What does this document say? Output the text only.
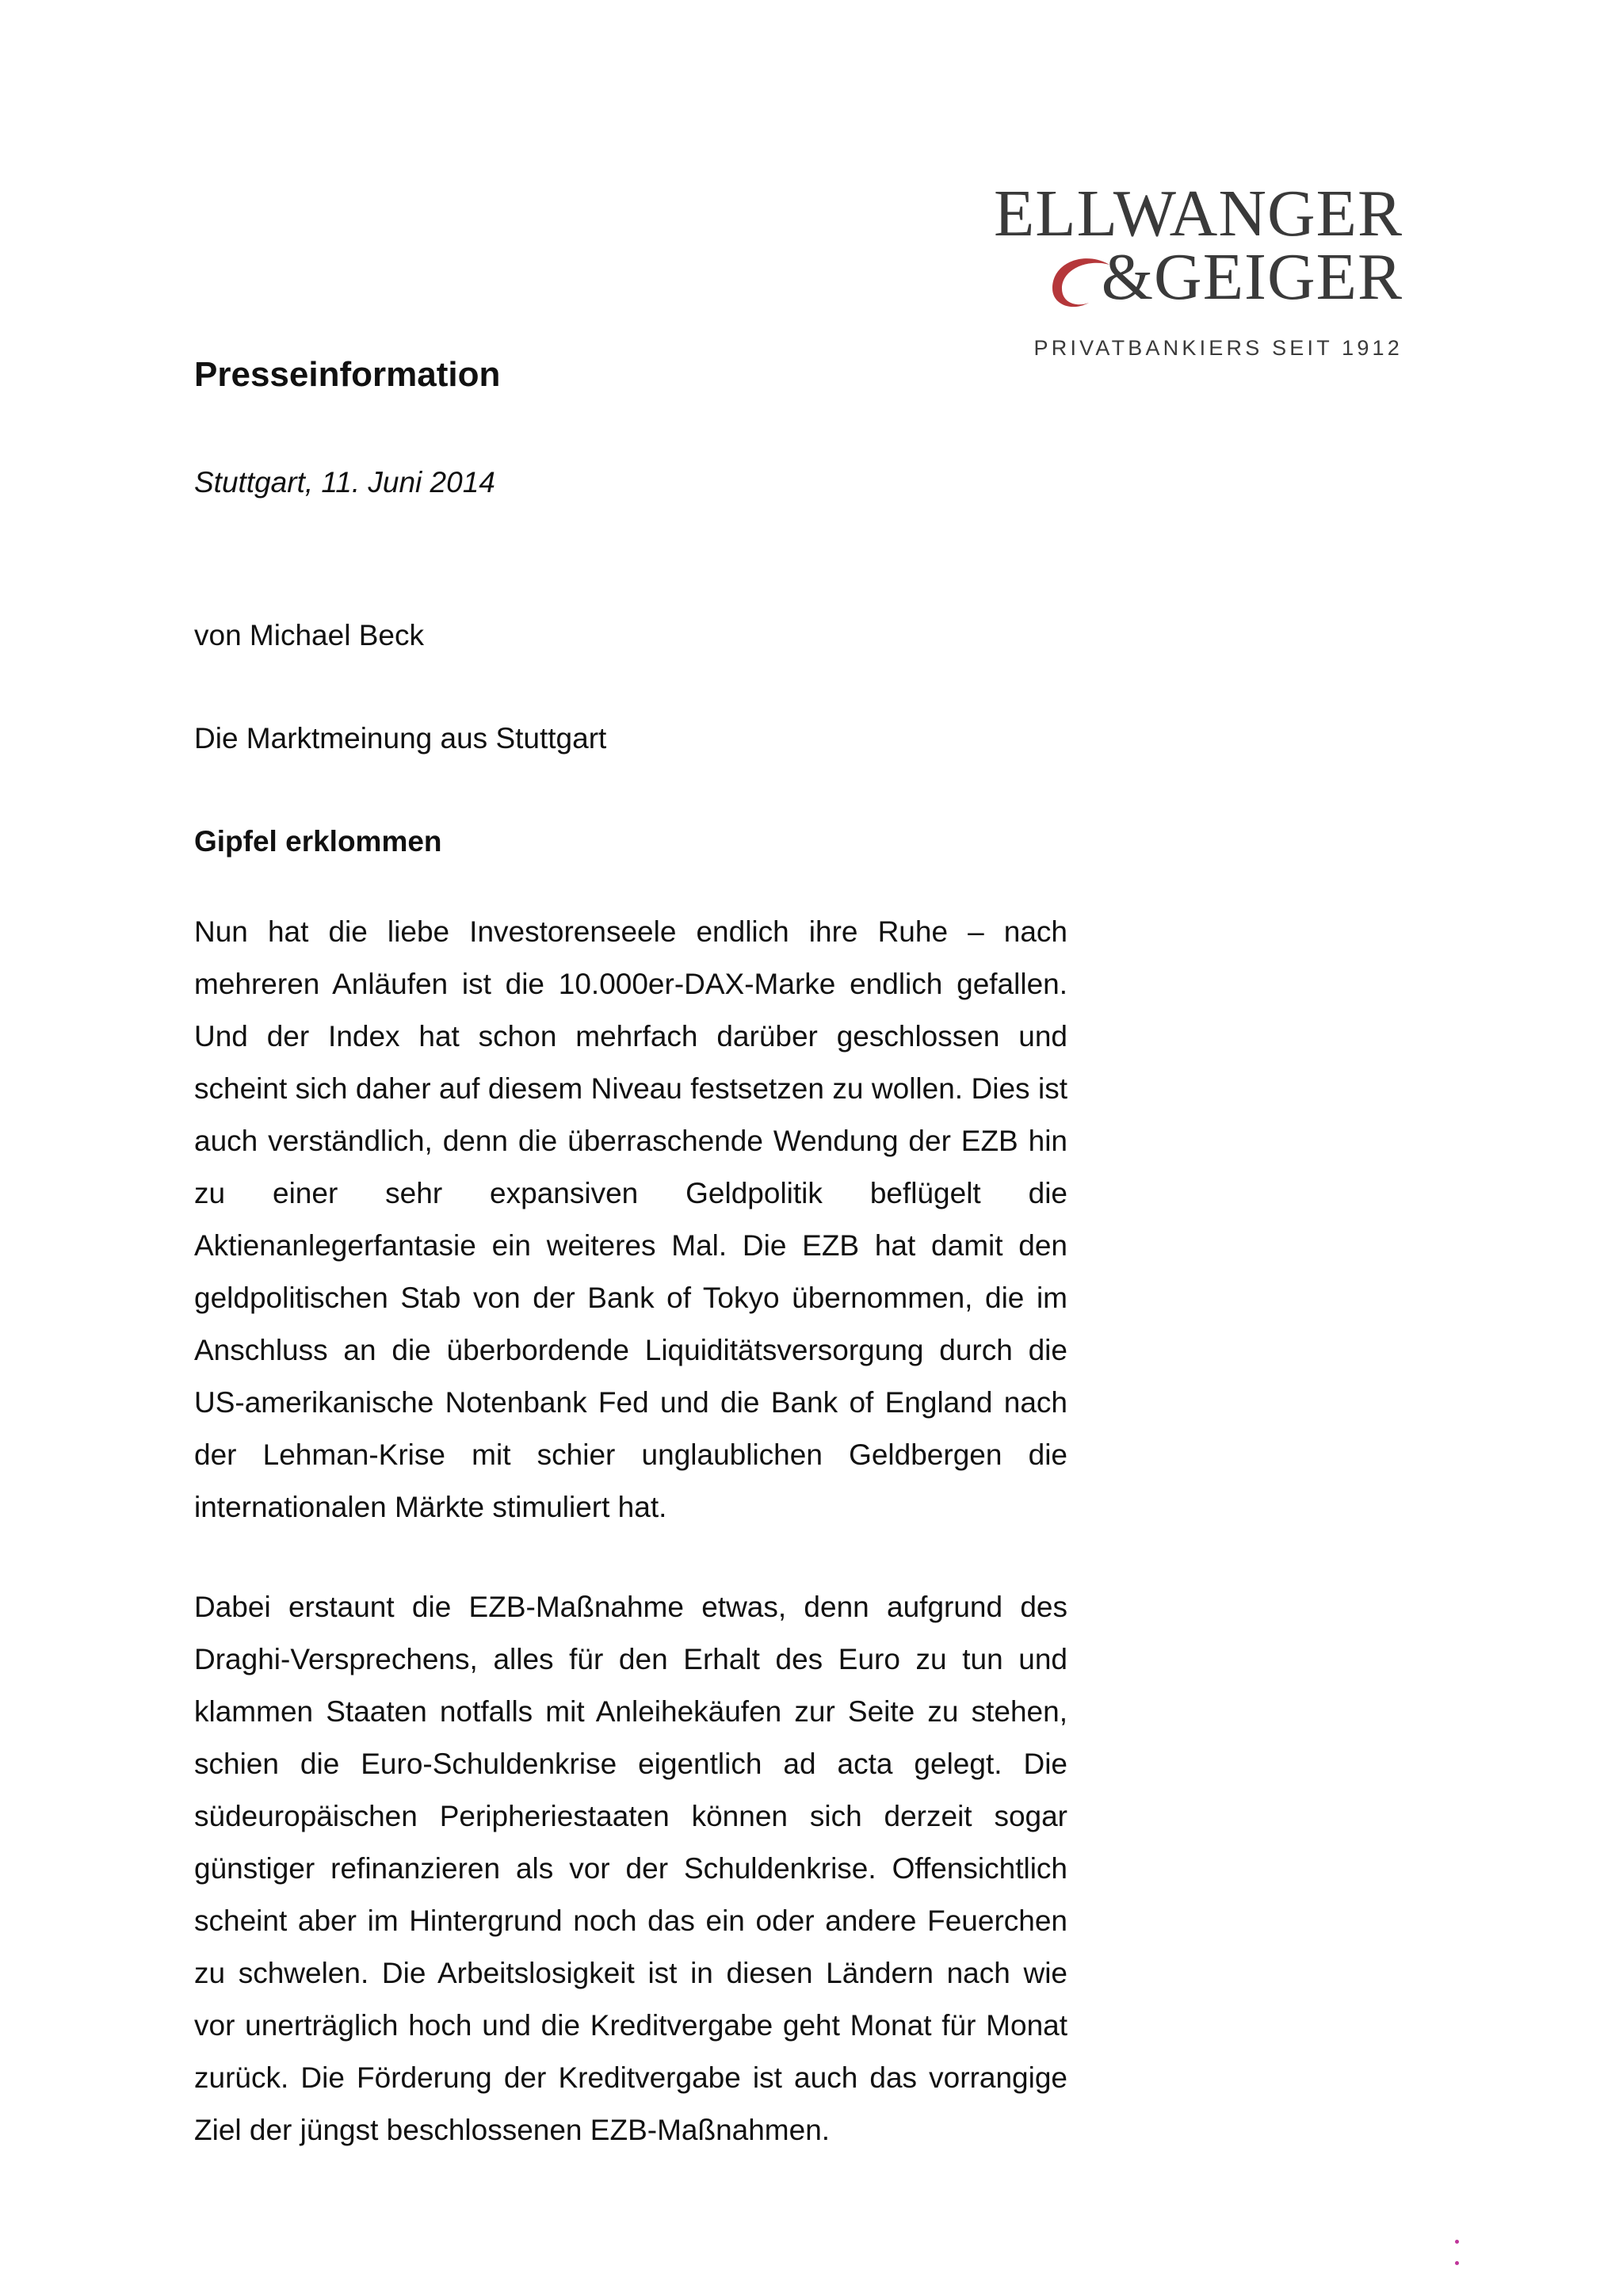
ELLWANGER
&GEIGER
PRIVATBANKIERS SEIT 1912
Presseinformation
Stuttgart, 11. Juni 2014
von Michael Beck
Die Marktmeinung aus Stuttgart
Gipfel erklommen

Nun hat die liebe Investorenseele endlich ihre Ruhe – nach mehreren Anläufen ist die 10.000er-DAX-Marke endlich gefallen. Und der Index hat schon mehrfach darüber geschlossen und scheint sich daher auf diesem Niveau festsetzen zu wollen. Dies ist auch verständlich, denn die überraschende Wendung der EZB hin zu einer sehr expansiven Geldpolitik beflügelt die Aktienanlegerfantasie ein weiteres Mal. Die EZB hat damit den geldpolitischen Stab von der Bank of Tokyo übernommen, die im Anschluss an die überbordende Liquiditätsversorgung durch die US-amerikanische Notenbank Fed und die Bank of England nach der Lehman-Krise mit schier unglaublichen Geldbergen die internationalen Märkte stimuliert hat.

Dabei erstaunt die EZB-Maßnahme etwas, denn aufgrund des Draghi-Versprechens, alles für den Erhalt des Euro zu tun und klammen Staaten notfalls mit Anleihekäufen zur Seite zu stehen, schien die Euro-Schuldenkrise eigentlich ad acta gelegt. Die südeuropäischen Peripheriestaaten können sich derzeit sogar günstiger refinanzieren als vor der Schuldenkrise. Offensichtlich scheint aber im Hintergrund noch das ein oder andere Feuerchen zu schwelen. Die Arbeitslosigkeit ist in diesen Ländern nach wie vor unerträglich hoch und die Kreditvergabe geht Monat für Monat zurück. Die Förderung der Kreditvergabe ist auch das vorrangige Ziel der jüngst beschlossenen EZB-Maßnahmen.
